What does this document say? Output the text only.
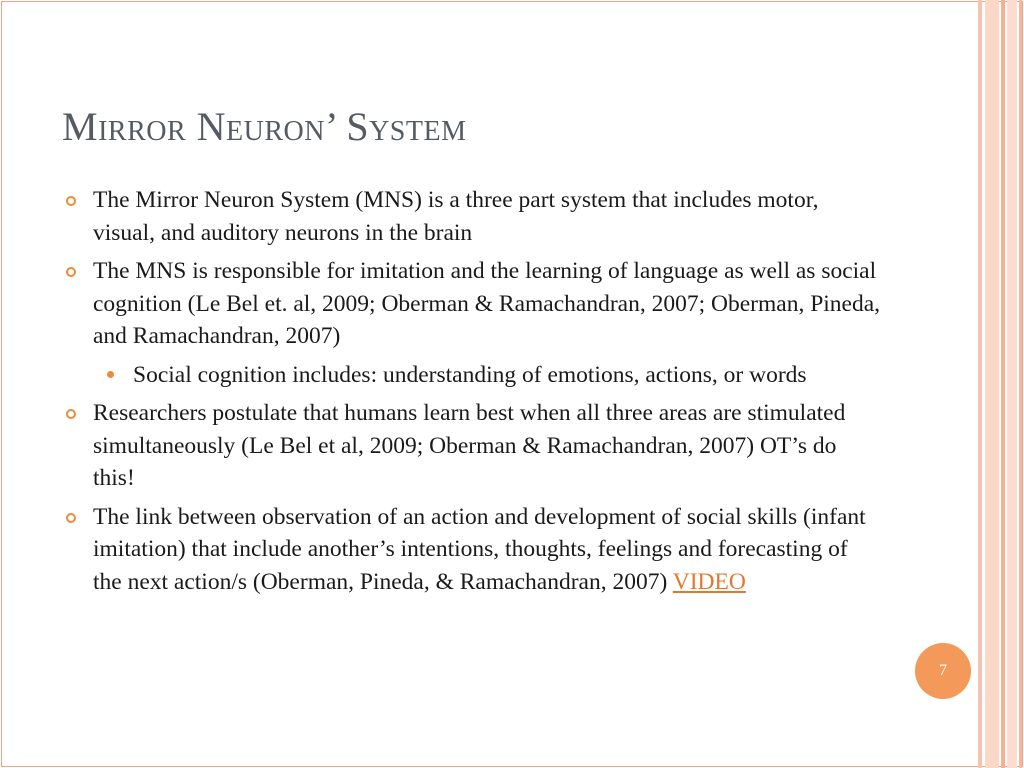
Mirror Neuron’ System
The Mirror Neuron System (MNS) is a three part system that includes motor, visual, and auditory neurons in the brain
The MNS is responsible for imitation and the learning of language as well as social cognition (Le Bel et. al, 2009; Oberman & Ramachandran, 2007; Oberman, Pineda, and Ramachandran, 2007)
Social cognition includes: understanding of emotions, actions, or words
Researchers postulate that humans learn best when all three areas are stimulated simultaneously (Le Bel et al, 2009; Oberman & Ramachandran, 2007) OT’s do this!
The link between observation of an action and development of social skills (infant imitation) that include another’s intentions, thoughts, feelings and forecasting of the next action/s (Oberman, Pineda, & Ramachandran, 2007) VIDEO
7
